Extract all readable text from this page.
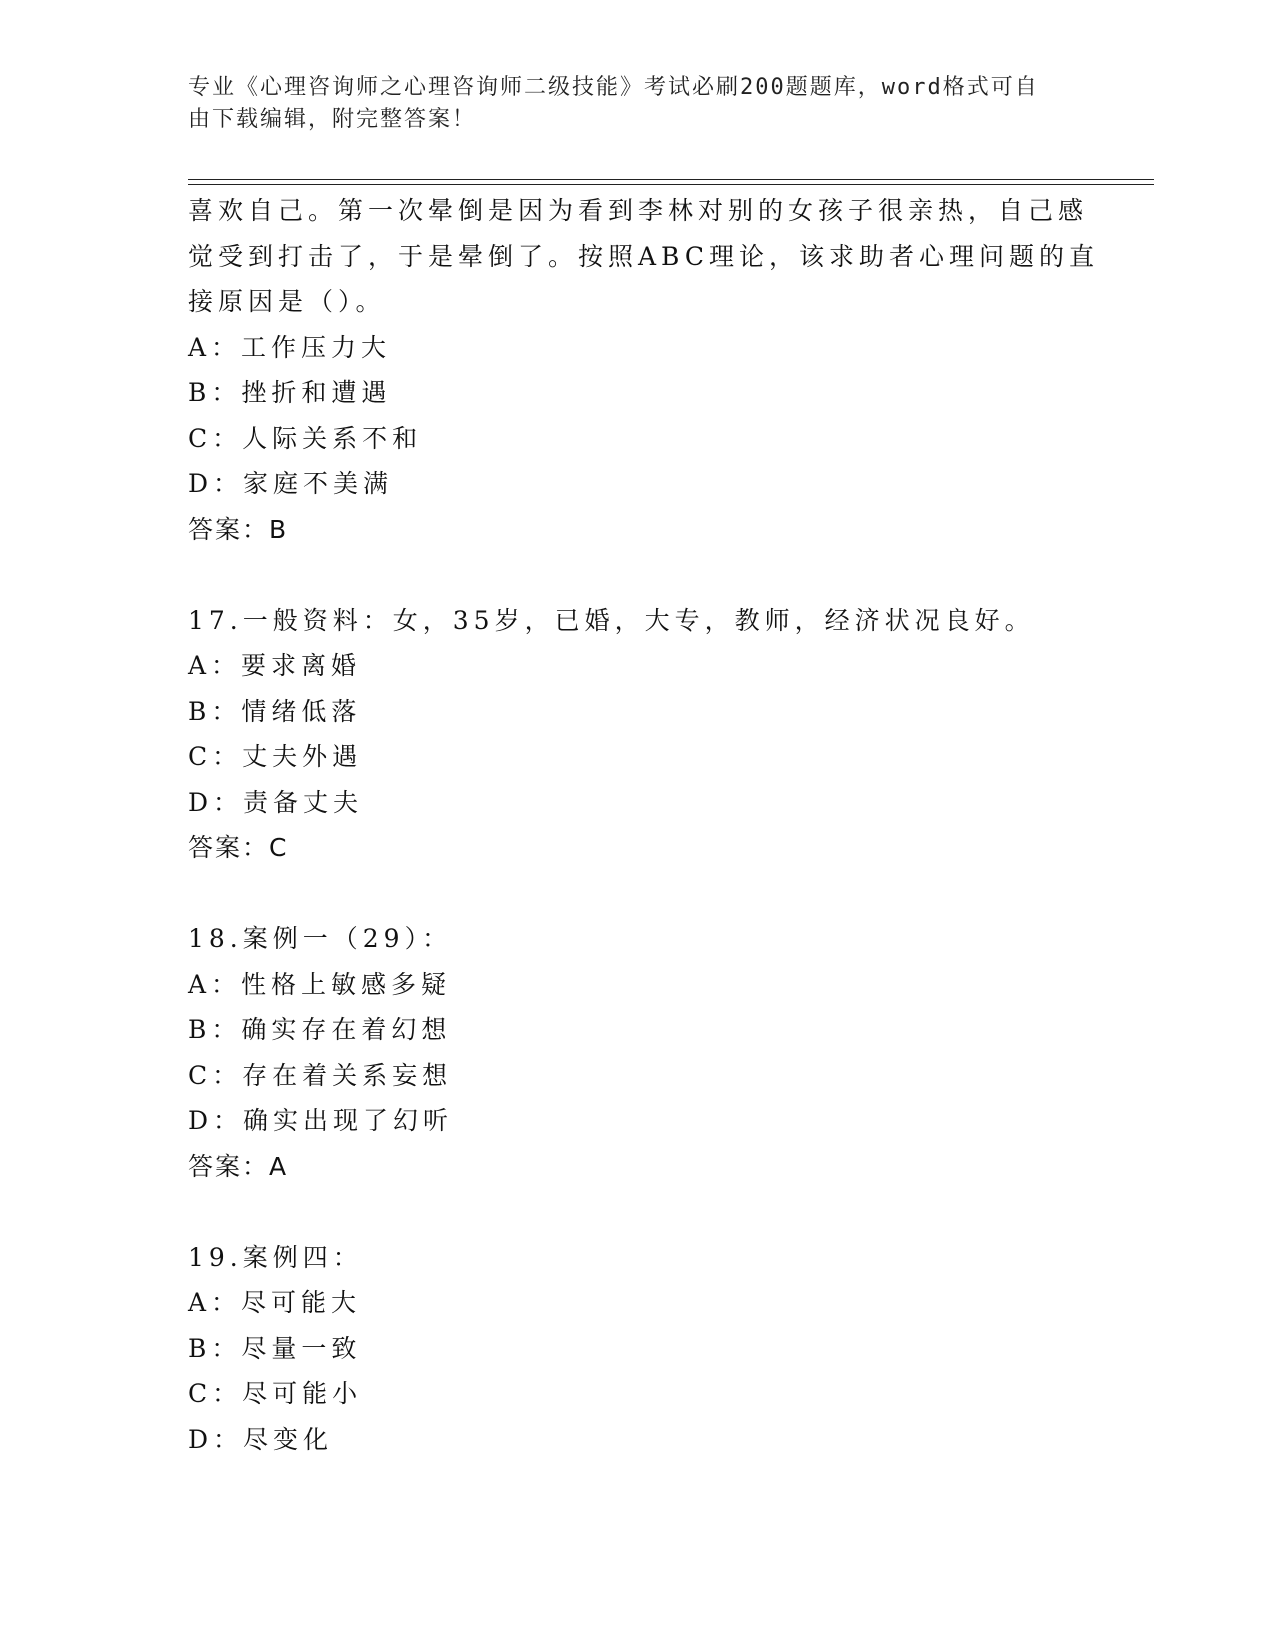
专业《心理咨询师之心理咨询师二级技能》考试必刷200题题库，word格式可自
由下载编辑，附完整答案！
喜欢自己。第一次晕倒是因为看到李林对别的女孩子很亲热，自己感
觉受到打击了，于是晕倒了。按照ABC理论，该求助者心理问题的直
接原因是（）。
A：工作压力大
B：挫折和遭遇
C：人际关系不和
D：家庭不美满
答案：B
17.一般资料：女，35岁，已婚，大专，教师，经济状况良好。
A：要求离婚
B：情绪低落
C：丈夫外遇
D：责备丈夫
答案：C
18.案例一（29）：
A：性格上敏感多疑
B：确实存在着幻想
C：存在着关系妄想
D：确实出现了幻听
答案：A
19.案例四：
A：尽可能大
B：尽量一致
C：尽可能小
D：尽变化
